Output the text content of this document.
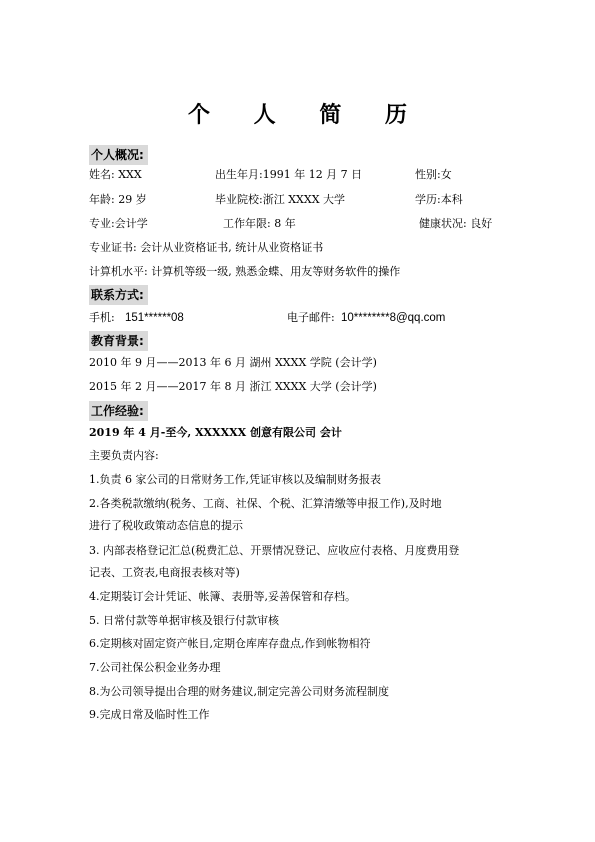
个 人 简 历
个人概况:
姓名: XXX	出生年月:1991 年 12 月 7 日	性别:女
年龄: 29 岁	毕业院校:浙江 XXXX 大学	学历:本科
专业:会计学	工作年限: 8 年	健康状况: 良好
专业证书: 会计从业资格证书, 统计从业资格证书
计算机水平: 计算机等级一级, 熟悉金蝶、用友等财务软件的操作
联系方式:
手机: 151******08	电子邮件: 10********8@qq.com
教育背景:
2010 年 9 月——2013 年 6 月 湖州 XXXX 学院 (会计学)
2015 年 2 月——2017 年 8 月 浙江 XXXX 大学 (会计学)
工作经验:
2019 年 4 月-至今, XXXXXX 创意有限公司 会计
主要负责内容:
1.负责 6 家公司的日常财务工作,凭证审核以及编制财务报表
2.各类税款缴纳(税务、工商、社保、个税、汇算清缴等申报工作),及时地
进行了税收政策动态信息的提示
3. 内部表格登记汇总(税费汇总、开票情况登记、应收应付表格、月度费用登
记表、工资表,电商报表核对等)
4.定期装订会计凭证、帐簿、表册等,妥善保管和存档。
5. 日常付款等单据审核及银行付款审核
6.定期核对固定资产帐目,定期仓库库存盘点,作到帐物相符
7.公司社保公积金业务办理
8.为公司领导提出合理的财务建议,制定完善公司财务流程制度
9.完成日常及临时性工作
